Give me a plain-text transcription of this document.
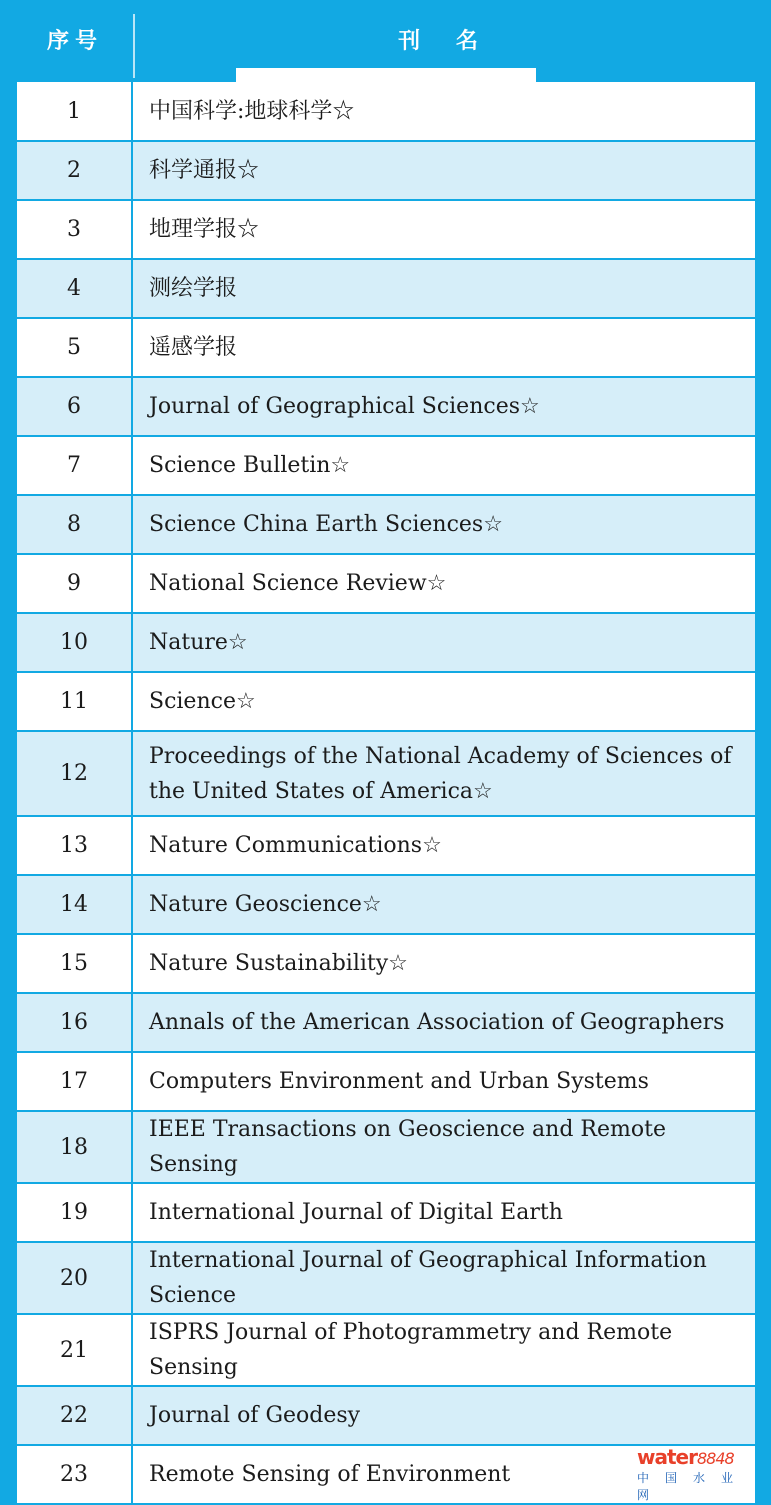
序号	刊 名
1	中国科学:地球科学☆
2	科学通报☆
3	地理学报☆
4	测绘学报
5	遥感学报
6	Journal of Geographical Sciences☆
7	Science Bulletin☆
8	Science China Earth Sciences☆
9	National Science Review☆
10	Nature☆
11	Science☆
12	Proceedings of the National Academy of Sciences of the United States of America☆
13	Nature Communications☆
14	Nature Geoscience☆
15	Nature Sustainability☆
16	Annals of the American Association of Geographers
17	Computers Environment and Urban Systems
18	IEEE Transactions on Geoscience and Remote Sensing
19	International Journal of Digital Earth
20	International Journal of Geographical Information Science
21	ISPRS Journal of Photogrammetry and Remote Sensing
22	Journal of Geodesy
23	Remote Sensing of Environment
water8848
中国水业网
